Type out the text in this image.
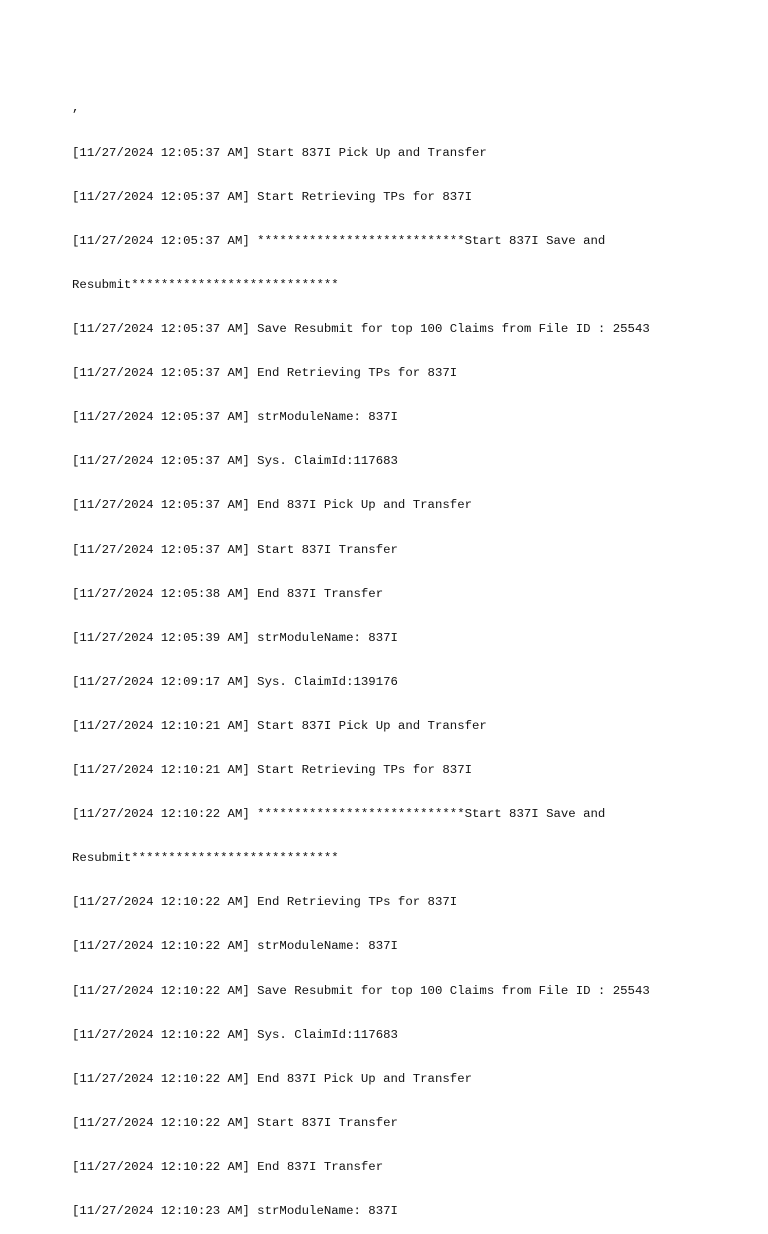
,

[11/27/2024 12:05:37 AM] Start 837I Pick Up and Transfer

[11/27/2024 12:05:37 AM] Start Retrieving TPs for 837I

[11/27/2024 12:05:37 AM] ****************************Start 837I Save and

Resubmit****************************

[11/27/2024 12:05:37 AM] Save Resubmit for top 100 Claims from File ID : 25543

[11/27/2024 12:05:37 AM] End Retrieving TPs for 837I

[11/27/2024 12:05:37 AM] strModuleName: 837I

[11/27/2024 12:05:37 AM] Sys. ClaimId:117683

[11/27/2024 12:05:37 AM] End 837I Pick Up and Transfer

[11/27/2024 12:05:37 AM] Start 837I Transfer

[11/27/2024 12:05:38 AM] End 837I Transfer

[11/27/2024 12:05:39 AM] strModuleName: 837I

[11/27/2024 12:09:17 AM] Sys. ClaimId:139176

[11/27/2024 12:10:21 AM] Start 837I Pick Up and Transfer

[11/27/2024 12:10:21 AM] Start Retrieving TPs for 837I

[11/27/2024 12:10:22 AM] ****************************Start 837I Save and

Resubmit****************************

[11/27/2024 12:10:22 AM] End Retrieving TPs for 837I

[11/27/2024 12:10:22 AM] strModuleName: 837I

[11/27/2024 12:10:22 AM] Save Resubmit for top 100 Claims from File ID : 25543

[11/27/2024 12:10:22 AM] Sys. ClaimId:117683

[11/27/2024 12:10:22 AM] End 837I Pick Up and Transfer

[11/27/2024 12:10:22 AM] Start 837I Transfer

[11/27/2024 12:10:22 AM] End 837I Transfer

[11/27/2024 12:10:23 AM] strModuleName: 837I
